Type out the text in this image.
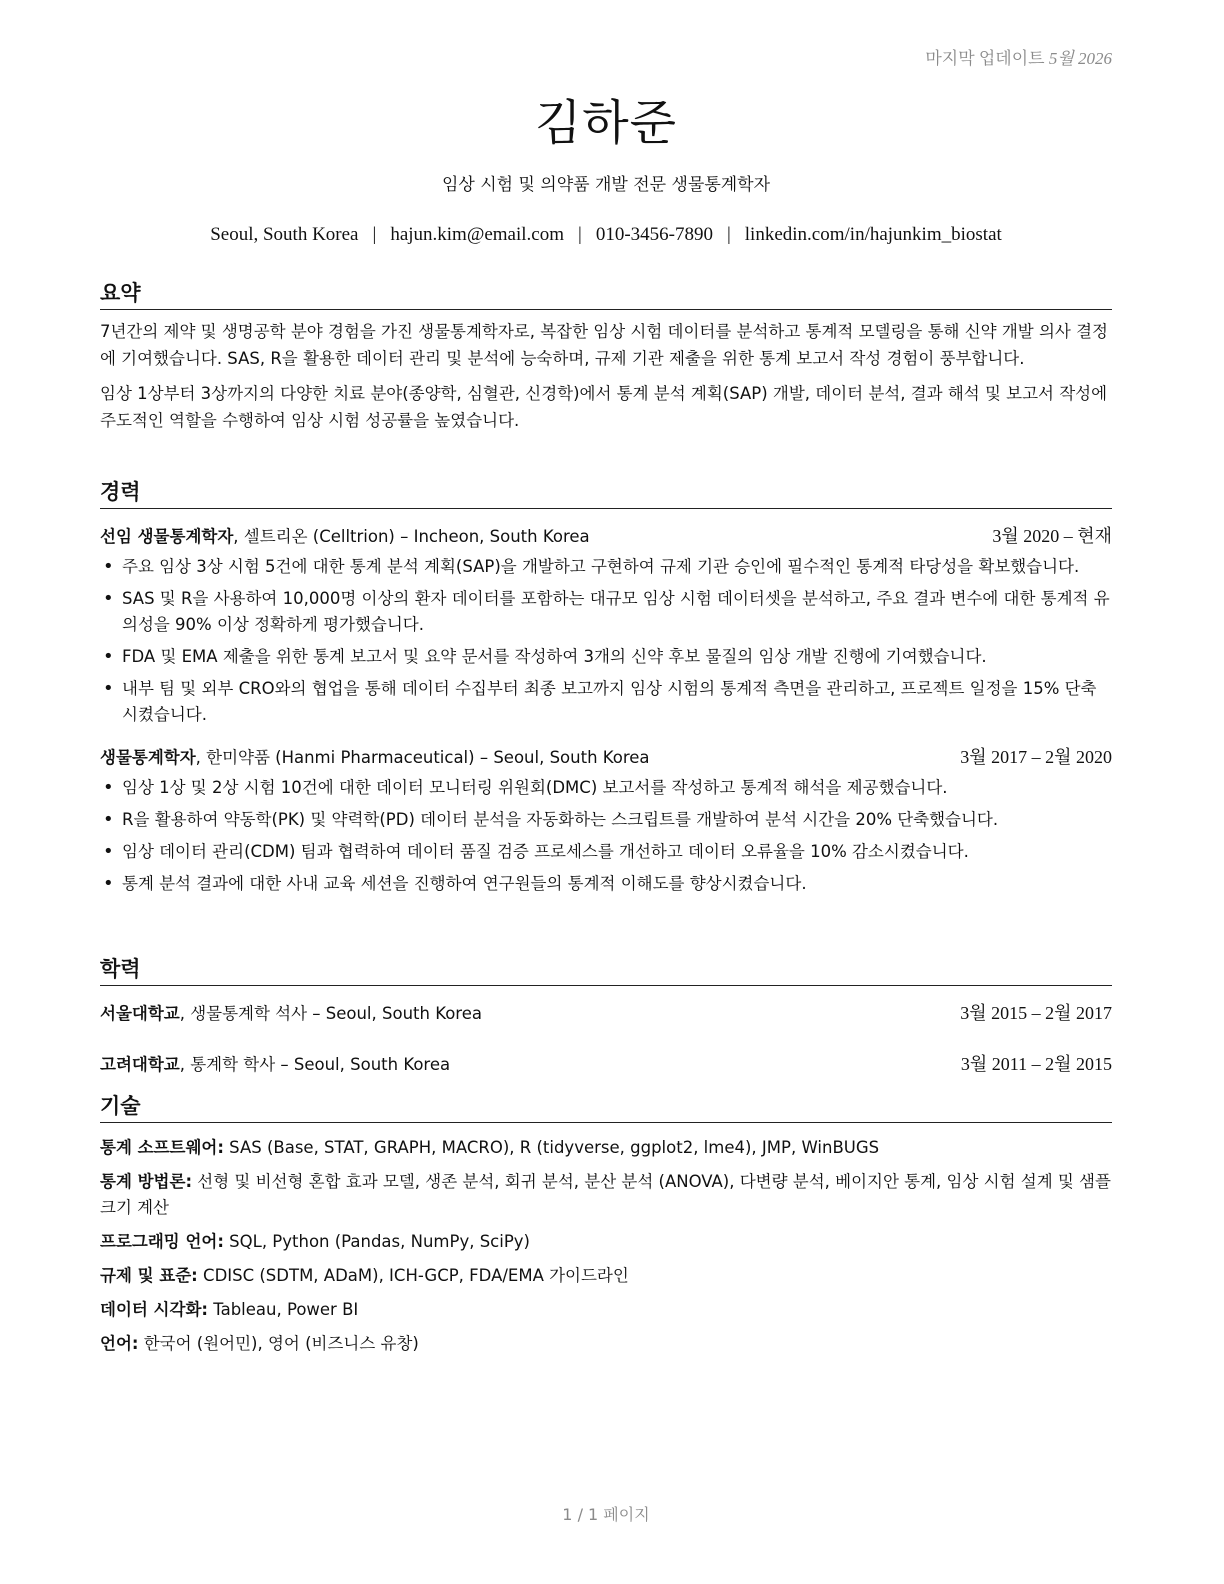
마지막 업데이트 5월 2026
김하준
임상 시험 및 의약품 개발 전문 생물통계학자
Seoul, South Korea | hajun.kim@email.com | 010-3456-7890 | linkedin.com/in/hajunkim_biostat
요약

7년간의 제약 및 생명공학 분야 경험을 가진 생물통계학자로, 복잡한 임상 시험 데이터를 분석하고 통계적 모델링을 통해 신약 개발 의사 결정에 기여했습니다. SAS, R을 활용한 데이터 관리 및 분석에 능숙하며, 규제 기관 제출을 위한 통계 보고서 작성 경험이 풍부합니다.

임상 1상부터 3상까지의 다양한 치료 분야(종양학, 심혈관, 신경학)에서 통계 분석 계획(SAP) 개발, 데이터 분석, 결과 해석 및 보고서 작성에 주도적인 역할을 수행하여 임상 시험 성공률을 높였습니다.

경력
선임 생물통계학자, 셀트리온 (Celltrion) – Incheon, South Korea	3월 2020 – 현재
• 주요 임상 3상 시험 5건에 대한 통계 분석 계획(SAP)을 개발하고 구현하여 규제 기관 승인에 필수적인 통계적 타당성을 확보했습니다.
• SAS 및 R을 사용하여 10,000명 이상의 환자 데이터를 포함하는 대규모 임상 시험 데이터셋을 분석하고, 주요 결과 변수에 대한 통계적 유의성을 90% 이상 정확하게 평가했습니다.
• FDA 및 EMA 제출을 위한 통계 보고서 및 요약 문서를 작성하여 3개의 신약 후보 물질의 임상 개발 진행에 기여했습니다.
• 내부 팀 및 외부 CRO와의 협업을 통해 데이터 수집부터 최종 보고까지 임상 시험의 통계적 측면을 관리하고, 프로젝트 일정을 15% 단축시켰습니다.
생물통계학자, 한미약품 (Hanmi Pharmaceutical) – Seoul, South Korea	3월 2017 – 2월 2020
• 임상 1상 및 2상 시험 10건에 대한 데이터 모니터링 위원회(DMC) 보고서를 작성하고 통계적 해석을 제공했습니다.
• R을 활용하여 약동학(PK) 및 약력학(PD) 데이터 분석을 자동화하는 스크립트를 개발하여 분석 시간을 20% 단축했습니다.
• 임상 데이터 관리(CDM) 팀과 협력하여 데이터 품질 검증 프로세스를 개선하고 데이터 오류율을 10% 감소시켰습니다.
• 통계 분석 결과에 대한 사내 교육 세션을 진행하여 연구원들의 통계적 이해도를 향상시켰습니다.
학력
서울대학교, 생물통계학 석사 – Seoul, South Korea	3월 2015 – 2월 2017
고려대학교, 통계학 학사 – Seoul, South Korea	3월 2011 – 2월 2015
기술
통계 소프트웨어: SAS (Base, STAT, GRAPH, MACRO), R (tidyverse, ggplot2, lme4), JMP, WinBUGS
통계 방법론: 선형 및 비선형 혼합 효과 모델, 생존 분석, 회귀 분석, 분산 분석 (ANOVA), 다변량 분석, 베이지안 통계, 임상 시험 설계 및 샘플 크기 계산
프로그래밍 언어: SQL, Python (Pandas, NumPy, SciPy)
규제 및 표준: CDISC (SDTM, ADaM), ICH-GCP, FDA/EMA 가이드라인
데이터 시각화: Tableau, Power BI
언어: 한국어 (원어민), 영어 (비즈니스 유창)
1 / 1 페이지
